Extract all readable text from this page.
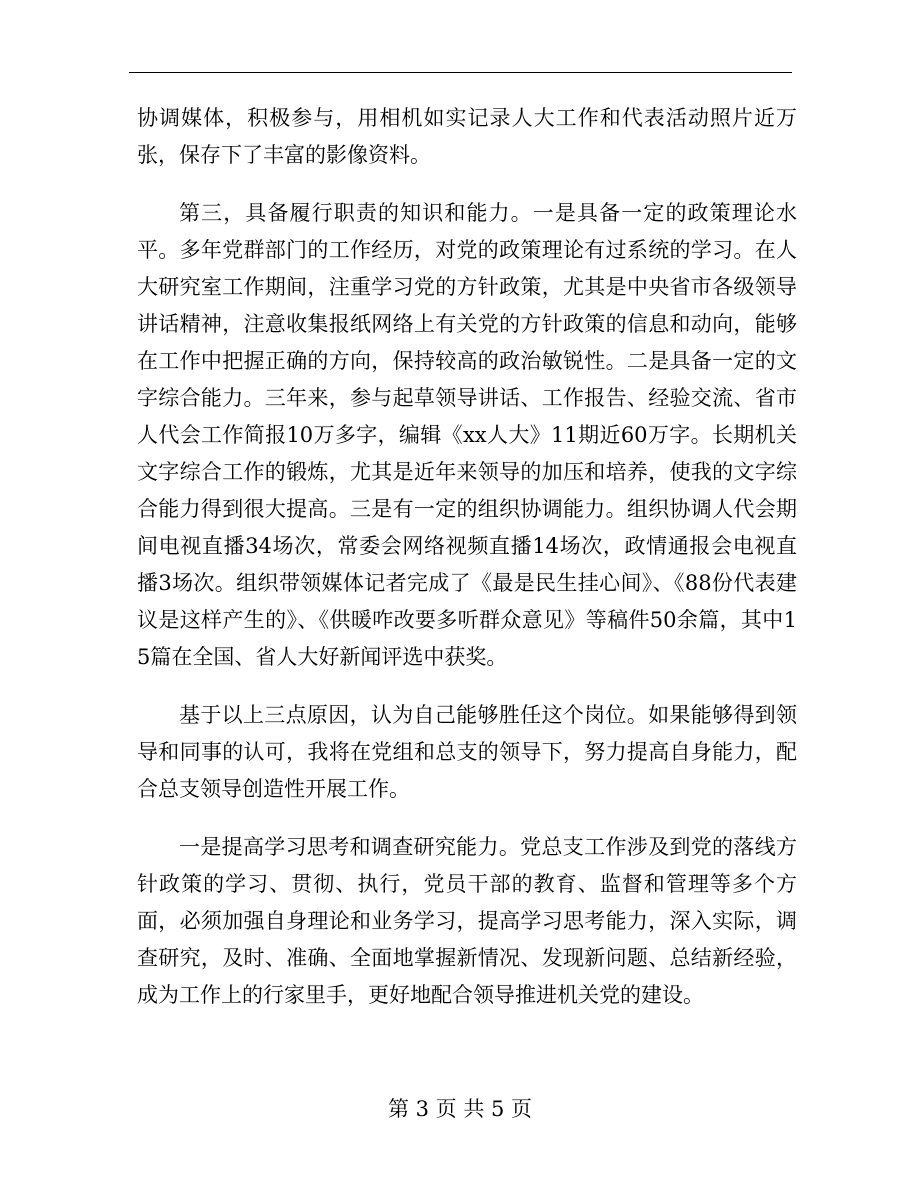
协调媒体，积极参与，用相机如实记录人大工作和代表活动照片近万张，保存下了丰富的影像资料。

第三，具备履行职责的知识和能力。一是具备一定的政策理论水平。多年党群部门的工作经历，对党的政策理论有过系统的学习。在人大研究室工作期间，注重学习党的方针政策，尤其是中央省市各级领导讲话精神，注意收集报纸网络上有关党的方针政策的信息和动向，能够在工作中把握正确的方向，保持较高的政治敏锐性。二是具备一定的文字综合能力。三年来，参与起草领导讲话、工作报告、经验交流、省市人代会工作简报10万多字，编辑《xx人大》11期近60万字。长期机关文字综合工作的锻炼，尤其是近年来领导的加压和培养，使我的文字综合能力得到很大提高。三是有一定的组织协调能力。组织协调人代会期间电视直播34场次，常委会网络视频直播14场次，政情通报会电视直播3场次。组织带领媒体记者完成了《最是民生挂心间》、《88份代表建议是这样产生的》、《供暖咋改要多听群众意见》等稿件50余篇，其中15篇在全国、省人大好新闻评选中获奖。

基于以上三点原因，认为自己能够胜任这个岗位。如果能够得到领导和同事的认可，我将在党组和总支的领导下，努力提高自身能力，配合总支领导创造性开展工作。

一是提高学习思考和调查研究能力。党总支工作涉及到党的落线方针政策的学习、贯彻、执行，党员干部的教育、监督和管理等多个方面，必须加强自身理论和业务学习，提高学习思考能力，深入实际，调查研究，及时、准确、全面地掌握新情况、发现新问题、总结新经验，成为工作上的行家里手，更好地配合领导推进机关党的建设。

第 3 页 共 5 页
